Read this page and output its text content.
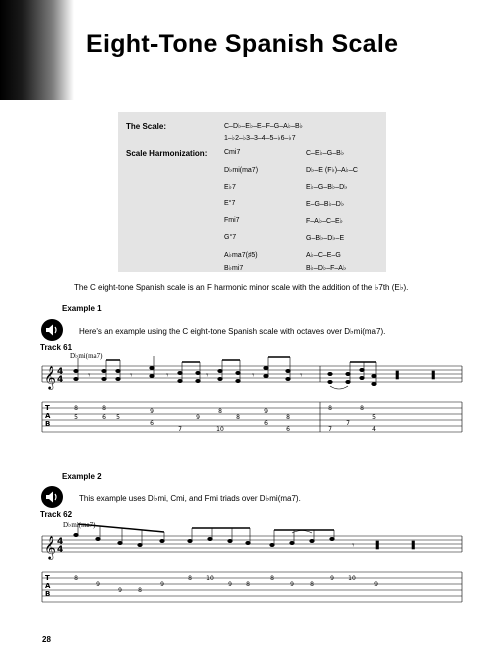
Eight-Tone Spanish Scale
The Scale:	C–D♭–E♭–E–F–G–A♭–B♭
1–♭2–♭3–3–4–5–♭6–♭7
Scale Harmonization: Cmi7	C–E♭–G–B♭
D♭mi(ma7)	D♭–E (F♭)–A♭–C
E♭7	E♭–G–B♭–D♭
E°7	E–G–B♭–D♭
Fmi7	F–A♭–C–E♭
G°7	G–B♭–D♭–E
A♭ma7(♯5)	A♭–C–E–G
B♭mi7	B♭–D♭–F–A♭
The C eight-tone Spanish scale is an F harmonic minor scale with the addition of the ♭7th (E♭).
Example 1
Here's an example using the C eight-tone Spanish scale with octaves over D♭mi(ma7).
Track 61
D♭mi(ma7)
Example 2
This example uses D♭mi, Cmi, and Fmi triads over D♭mi(ma7).
Track 62
D♭mi(ma7)
𝄞 4
4
T
A
B
𝄾	𝄾	𝄾	𝄾	𝄾	𝄾
8
5
8
6 5
9
6
7
9
8
10
8
9
6
8
6
8
7
7
8
5
4
𝄞 4
4
T
A
B
𝄾
8
9
9	8
9
8 10
9 8
8
9	8
9 10
9
28
